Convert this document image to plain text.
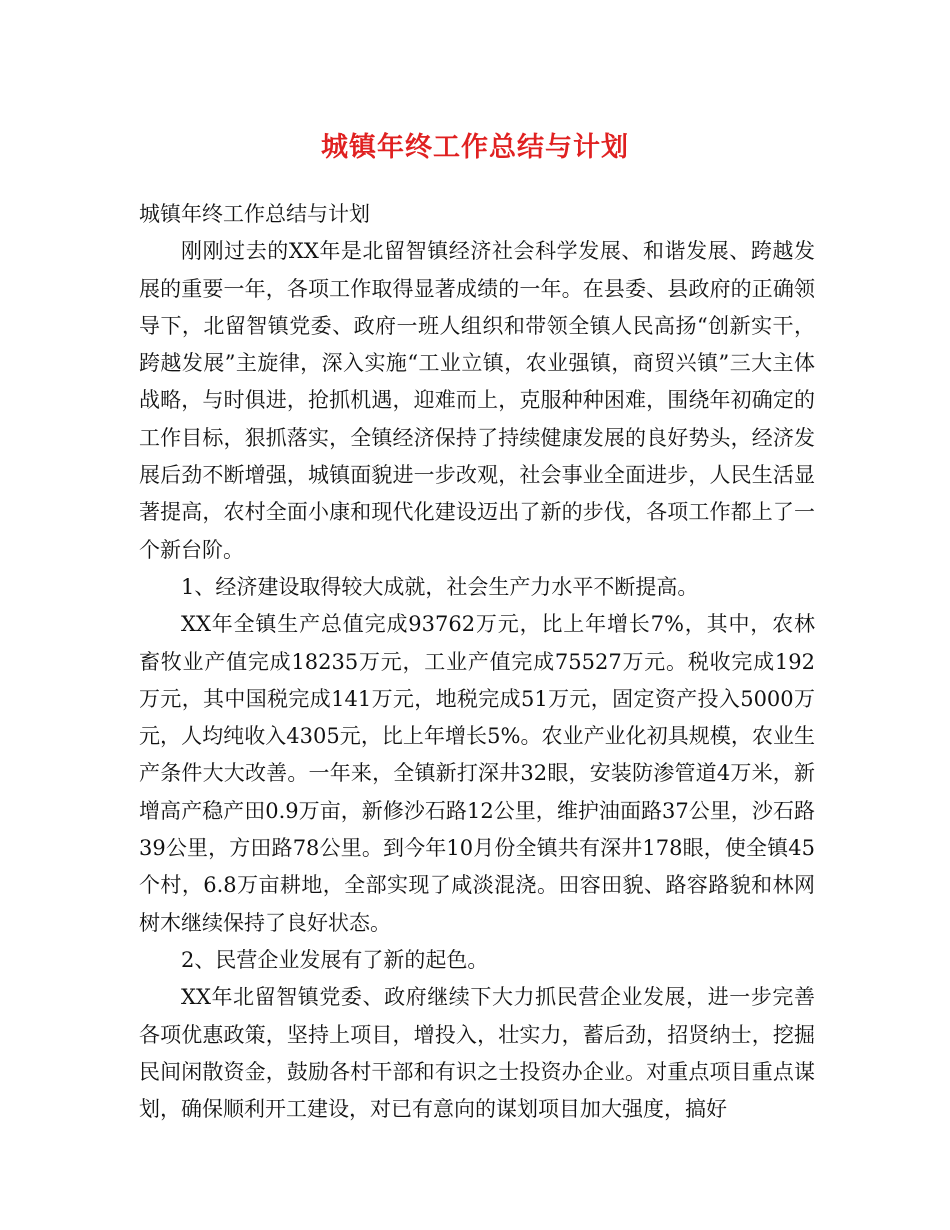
城镇年终工作总结与计划

城镇年终工作总结与计划

刚刚过去的XX年是北留智镇经济社会科学发展、和谐发展、跨越发展的重要一年，各项工作取得显著成绩的一年。在县委、县政府的正确领导下，北留智镇党委、政府一班人组织和带领全镇人民高扬“创新实干，跨越发展”主旋律，深入实施“工业立镇，农业强镇，商贸兴镇”三大主体战略，与时俱进，抢抓机遇，迎难而上，克服种种困难，围绕年初确定的工作目标，狠抓落实，全镇经济保持了持续健康发展的良好势头，经济发展后劲不断增强，城镇面貌进一步改观，社会事业全面进步，人民生活显著提高，农村全面小康和现代化建设迈出了新的步伐，各项工作都上了一个新台阶。

1、经济建设取得较大成就，社会生产力水平不断提高。

XX年全镇生产总值完成93762万元，比上年增长7%，其中，农林畜牧业产值完成18235万元，工业产值完成75527万元。税收完成192万元，其中国税完成141万元，地税完成51万元，固定资产投入5000万元，人均纯收入4305元，比上年增长5%。农业产业化初具规模，农业生产条件大大改善。一年来，全镇新打深井32眼，安装防渗管道4万米，新增高产稳产田0.9万亩，新修沙石路12公里，维护油面路37公里，沙石路39公里，方田路78公里。到今年10月份全镇共有深井178眼，使全镇45个村，6.8万亩耕地，全部实现了咸淡混浇。田容田貌、路容路貌和林网树木继续保持了良好状态。

2、民营企业发展有了新的起色。

XX年北留智镇党委、政府继续下大力抓民营企业发展，进一步完善各项优惠政策，坚持上项目，增投入，壮实力，蓄后劲，招贤纳士，挖掘民间闲散资金，鼓励各村干部和有识之士投资办企业。对重点项目重点谋划，确保顺利开工建设，对已有意向的谋划项目加大强度，搞好
